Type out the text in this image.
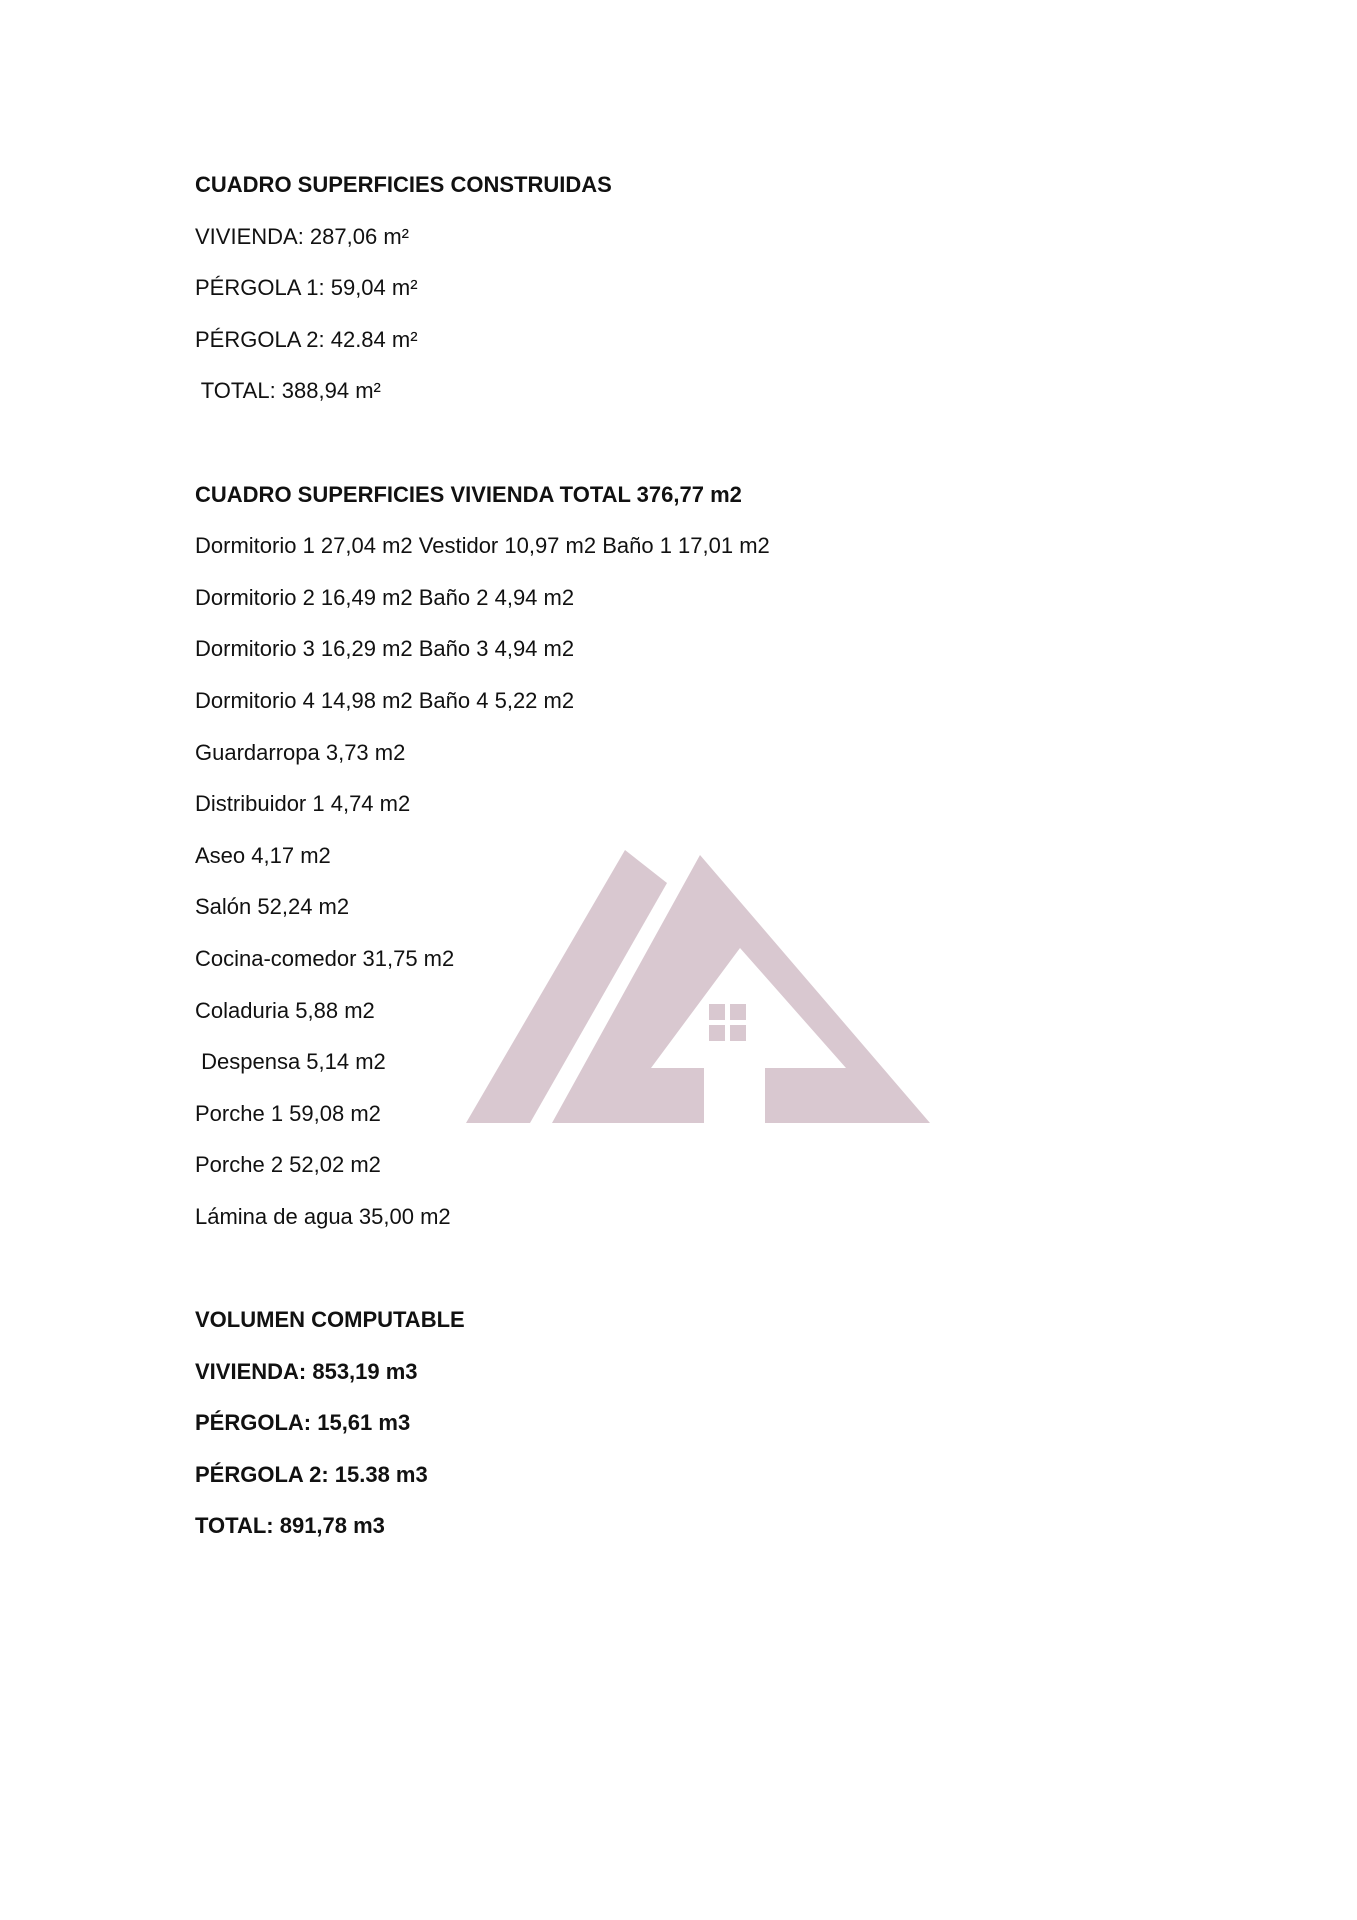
CUADRO SUPERFICIES CONSTRUIDAS
VIVIENDA: 287,06 m²
PÉRGOLA 1: 59,04 m²
PÉRGOLA 2: 42.84 m²
TOTAL: 388,94 m²
CUADRO SUPERFICIES VIVIENDA TOTAL 376,77 m2
Dormitorio 1 27,04 m2 Vestidor 10,97 m2 Baño 1 17,01 m2
Dormitorio 2 16,49 m2 Baño 2 4,94 m2
Dormitorio 3 16,29 m2 Baño 3 4,94 m2
Dormitorio 4 14,98 m2 Baño 4 5,22 m2
Guardarropa 3,73 m2
Distribuidor 1 4,74 m2
Aseo 4,17 m2
Salón 52,24 m2
Cocina-comedor 31,75 m2
Coladuria 5,88 m2
Despensa 5,14 m2
Porche 1 59,08 m2
Porche 2 52,02 m2
Lámina de agua 35,00 m2
VOLUMEN COMPUTABLE
VIVIENDA: 853,19 m3
PÉRGOLA: 15,61 m3
PÉRGOLA 2: 15.38 m3
TOTAL: 891,78 m3
